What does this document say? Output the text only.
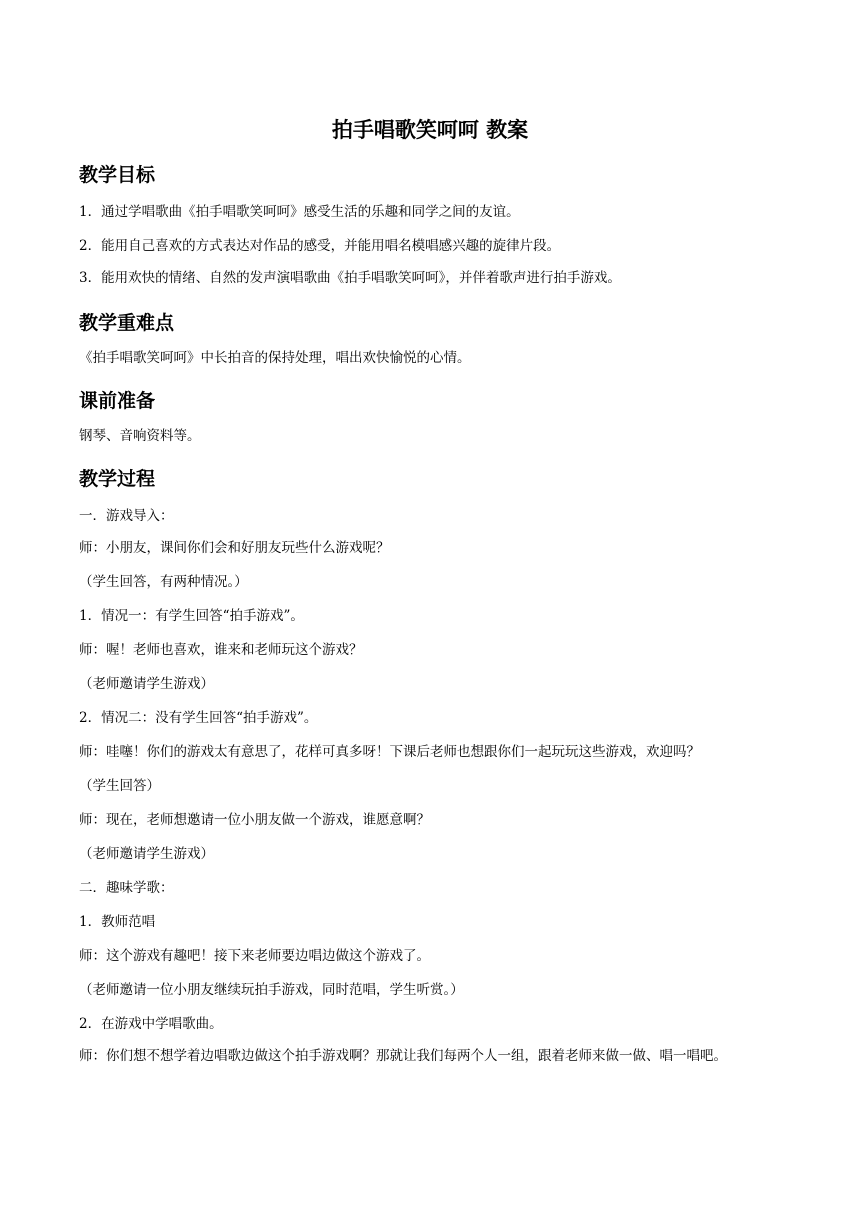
拍手唱歌笑呵呵 教案
教学目标
1．通过学唱歌曲《拍手唱歌笑呵呵》感受生活的乐趣和同学之间的友谊。
2．能用自己喜欢的方式表达对作品的感受，并能用唱名模唱感兴趣的旋律片段。
3．能用欢快的情绪、自然的发声演唱歌曲《拍手唱歌笑呵呵》，并伴着歌声进行拍手游戏。
教学重难点
《拍手唱歌笑呵呵》中长拍音的保持处理，唱出欢快愉悦的心情。
课前准备
钢琴、音响资料等。
教学过程
一．游戏导入：
师：小朋友，课间你们会和好朋友玩些什么游戏呢？
（学生回答，有两种情况。）
1．情况一：有学生回答“拍手游戏”。
师：喔！老师也喜欢，谁来和老师玩这个游戏？
（老师邀请学生游戏）
2．情况二：没有学生回答“拍手游戏”。
师：哇噻！你们的游戏太有意思了，花样可真多呀！下课后老师也想跟你们一起玩玩这些游戏，欢迎吗？
（学生回答）
师：现在，老师想邀请一位小朋友做一个游戏，谁愿意啊？
（老师邀请学生游戏）
二．趣味学歌：
1．教师范唱
师：这个游戏有趣吧！接下来老师要边唱边做这个游戏了。
（老师邀请一位小朋友继续玩拍手游戏，同时范唱，学生听赏。）
2．在游戏中学唱歌曲。
师：你们想不想学着边唱歌边做这个拍手游戏啊？那就让我们每两个人一组，跟着老师来做一做、唱一唱吧。
